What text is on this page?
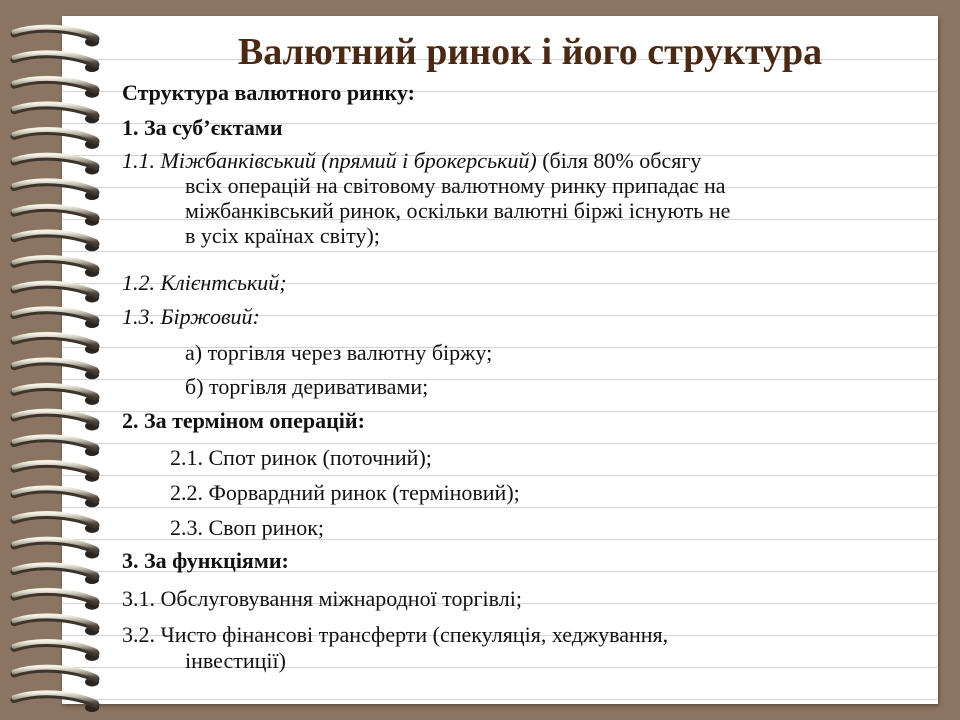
Валютний ринок і його структура
Структура валютного ринку:
1. За суб’єктами
1.1. Міжбанківський (прямий і брокерський) (біля 80% обсягу
всіх операцій на світовому валютному ринку припадає на
міжбанківський ринок, оскільки валютні біржі існують не
в усіх країнах світу);
1.2. Клієнтський;
1.3. Біржовий:
а) торгівля через валютну біржу;
б) торгівля деривативами;
2. За терміном операцій:
2.1. Спот ринок (поточний);
2.2. Форвардний ринок (терміновий);
2.3. Своп ринок;
3. За функціями:
3.1. Обслуговування міжнародної торгівлі;
3.2. Чисто фінансові трансферти (спекуляція, хеджування,
інвестиції)
